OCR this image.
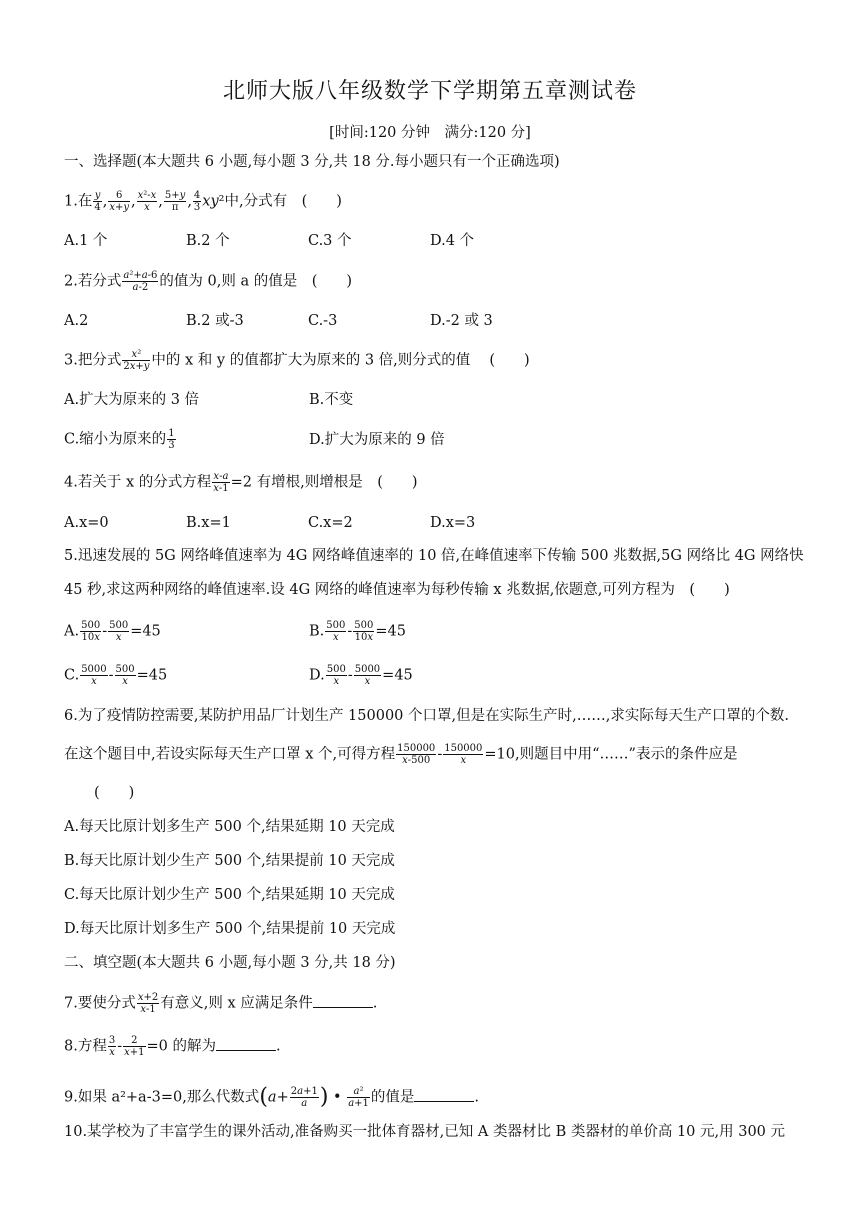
北师大版八年级数学下学期第五章测试卷
[时间:120 分钟　满分:120 分]
一、选择题(本大题共 6 小题,每小题 3 分,共 18 分.每小题只有一个正确选项)
1.在 $\frac{y}{4}$ , $\frac{6}{x+y}$ , $\frac{\text{x²-x}}{x}$ , $\frac{5+y}{\pi}$ , $\frac{4}{3} xy^2$中,分式有　(　　)
A.1 个	B.2 个	C.3 个	D.4 个
2.若分式 $\frac{\text{a²+a-6}}{a-2}$ 的值为 0,则 a 的值是　(　　)
A.2	B.2 或-3	C.-3	D.-2 或 3
3.把分式 $\frac{\text{x²}}{2x+y}$ 中的 x 和 y 的值都扩大为原来的 3 倍,则分式的值　 (　　)
A.扩大为原来的 3 倍	B.不变
C.缩小为原来的 $\frac{1}{3}$	D.扩大为原来的 9 倍
4.若关于 x 的分式方程 $\frac{x-a}{x-1} =2$ 有增根,则增根是　(　　)
A.x=0	B.x=1	C.x=2	D.x=3
5.迅速发展的 5G 网络峰值速率为 4G 网络峰值速率的 10 倍,在峰值速率下传输 500 兆数据,5G 网络比 4G 网络快
45 秒,求这两种网络的峰值速率.设 4G 网络的峰值速率为每秒传输 x 兆数据,依题意,可列方程为　(　　)
A. $\frac{500}{10x} - \frac{500}{x} =45$	B. $\frac{500}{x} - \frac{500}{10x} =45$
C. $\frac{5000}{x} - \frac{500}{x} =45$	D. $\frac{500}{x} - \frac{5000}{x} =45$
6.为了疫情防控需要,某防护用品厂计划生产 150000 个口罩,但是在实际生产时,……,求实际每天生产口罩的个数.
在这个题目中,若设实际每天生产口罩 x 个,可得方程 $\frac{150000}{x-500} - \frac{150000}{x} =10$,则题目中用“……”表示的条件应是
(　　)
A.每天比原计划多生产 500 个,结果延期 10 天完成
B.每天比原计划少生产 500 个,结果提前 10 天完成
C.每天比原计划少生产 500 个,结果延期 10 天完成
D.每天比原计划多生产 500 个,结果提前 10 天完成
二、填空题(本大题共 6 小题,每小题 3 分,共 18 分)
7.要使分式 $\frac{x+2}{x-1}$ 有意义,则 x 应满足条件	.
8.方程 $\frac{3}{x} - \frac{2}{x+1} =0$ 的解为	.
9.如果 a²+a-3=0,那么代数式($a+ \frac{2a+1}{a}$ ) • $\frac{\text{a²}}{a+1}$ 的值是	.
10.某学校为了丰富学生的课外活动,准备购买一批体育器材,已知 A 类器材比 B 类器材的单价高 10 元,用 300 元
